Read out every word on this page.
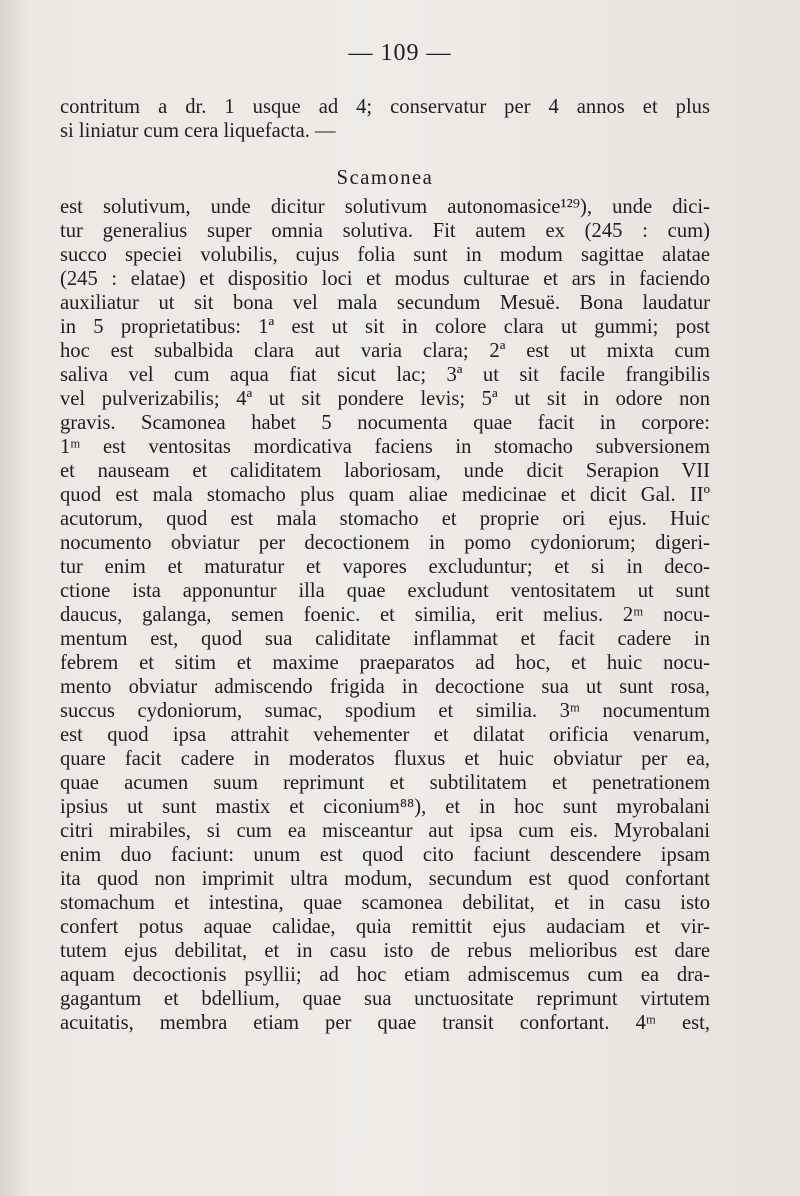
— 109 —
contritum a dr. 1 usque ad 4; conservatur per 4 annos et plus
si liniatur cum cera liquefacta. —
Scamonea
est solutivum, unde dicitur solutivum autonomasice¹²⁹), unde dici-
tur generalius super omnia solutiva. Fit autem ex (245 : cum)
succo speciei volubilis, cujus folia sunt in modum sagittae alatae
(245 : elatae) et dispositio loci et modus culturae et ars in faciendo
auxiliatur ut sit bona vel mala secundum Mesuë. Bona laudatur
in 5 proprietatibus: 1ª est ut sit in colore clara ut gummi; post
hoc est subalbida clara aut varia clara; 2ª est ut mixta cum
saliva vel cum aqua fiat sicut lac; 3ª ut sit facile frangibilis
vel pulverizabilis; 4ª ut sit pondere levis; 5ª ut sit in odore non
gravis. Scamonea habet 5 nocumenta quae facit in corpore:
1ᵐ est ventositas mordicativa faciens in stomacho subversionem
et nauseam et caliditatem laboriosam, unde dicit Serapion VII
quod est mala stomacho plus quam aliae medicinae et dicit Gal. IIº
acutorum, quod est mala stomacho et proprie ori ejus. Huic
nocumento obviatur per decoctionem in pomo cydoniorum; digeri-
tur enim et maturatur et vapores excluduntur; et si in deco-
ctione ista apponuntur illa quae excludunt ventositatem ut sunt
daucus, galanga, semen foenic. et similia, erit melius. 2ᵐ nocu-
mentum est, quod sua caliditate inflammat et facit cadere in
febrem et sitim et maxime praeparatos ad hoc, et huic nocu-
mento obviatur admiscendo frigida in decoctione sua ut sunt rosa,
succus cydoniorum, sumac, spodium et similia. 3ᵐ nocumentum
est quod ipsa attrahit vehementer et dilatat orificia venarum,
quare facit cadere in moderatos fluxus et huic obviatur per ea,
quae acumen suum reprimunt et subtilitatem et penetrationem
ipsius ut sunt mastix et ciconium⁸⁸), et in hoc sunt myrobalani
citri mirabiles, si cum ea misceantur aut ipsa cum eis. Myrobalani
enim duo faciunt: unum est quod cito faciunt descendere ipsam
ita quod non imprimit ultra modum, secundum est quod confortant
stomachum et intestina, quae scamonea debilitat, et in casu isto
confert potus aquae calidae, quia remittit ejus audaciam et vir-
tutem ejus debilitat, et in casu isto de rebus melioribus est dare
aquam decoctionis psyllii; ad hoc etiam admiscemus cum ea dra-
gagantum et bdellium, quae sua unctuositate reprimunt virtutem
acuitatis, membra etiam per quae transit confortant. 4ᵐ est,
